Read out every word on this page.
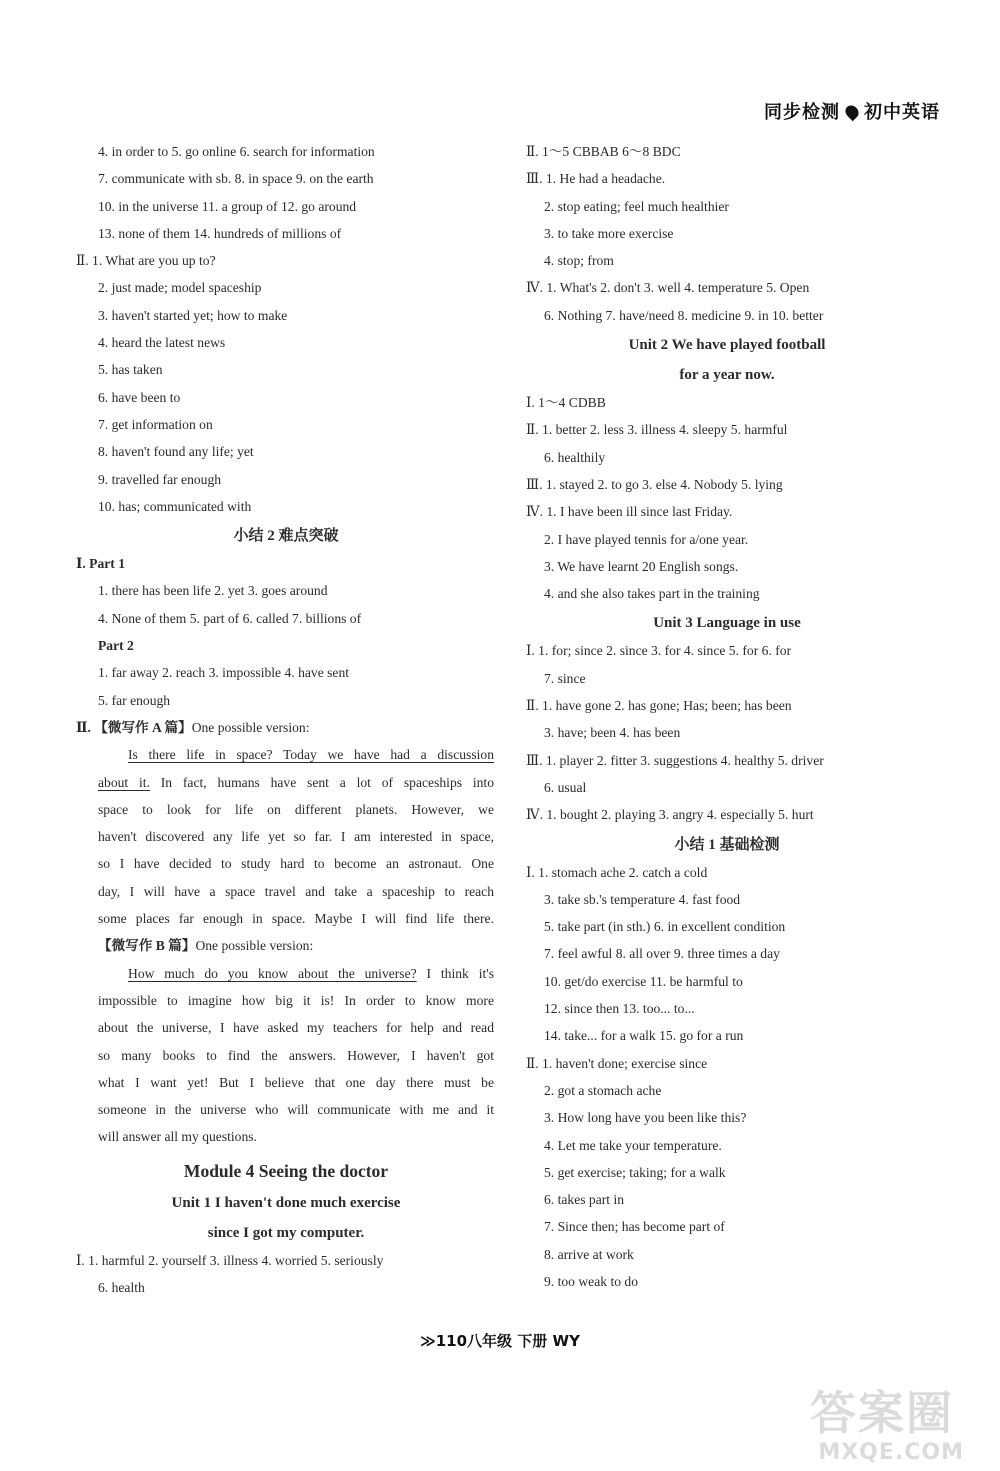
同步检测 初中英语
4. in order to 5. go online 6. search for information
7. communicate with sb. 8. in space 9. on the earth
10. in the universe 11. a group of 12. go around
13. none of them 14. hundreds of millions of
Ⅱ. 1. What are you up to?
2. just made; model spaceship
3. haven't started yet; how to make
4. heard the latest news
5. has taken
6. have been to
7. get information on
8. haven't found any life; yet
9. travelled far enough
10. has; communicated with
小结 2 难点突破
Ⅰ. Part 1
1. there has been life 2. yet 3. goes around
4. None of them 5. part of 6. called 7. billions of
Part 2
1. far away 2. reach 3. impossible 4. have sent
5. far enough
Ⅱ. 【微写作 A 篇】One possible version:
Is there life in space? Today we have had a discussion
about it. In fact, humans have sent a lot of spaceships into
space to look for life on different planets. However, we
haven't discovered any life yet so far. I am interested in space,
so I have decided to study hard to become an astronaut. One
day, I will have a space travel and take a spaceship to reach
some places far enough in space. Maybe I will find life there.
【微写作 B 篇】One possible version:
How much do you know about the universe? I think it's
impossible to imagine how big it is! In order to know more
about the universe, I have asked my teachers for help and read
so many books to find the answers. However, I haven't got
what I want yet! But I believe that one day there must be
someone in the universe who will communicate with me and it
will answer all my questions.
Module 4 Seeing the doctor
Unit 1 I haven't done much exercise
since I got my computer.
Ⅰ. 1. harmful 2. yourself 3. illness 4. worried 5. seriously
6. health
Ⅱ. 1～5 CBBAB 6～8 BDC
Ⅲ. 1. He had a headache.
2. stop eating; feel much healthier
3. to take more exercise
4. stop; from
Ⅳ. 1. What's 2. don't 3. well 4. temperature 5. Open
6. Nothing 7. have/need 8. medicine 9. in 10. better
Unit 2 We have played football
for a year now.
Ⅰ. 1～4 CDBB
Ⅱ. 1. better 2. less 3. illness 4. sleepy 5. harmful
6. healthily
Ⅲ. 1. stayed 2. to go 3. else 4. Nobody 5. lying
Ⅳ. 1. I have been ill since last Friday.
2. I have played tennis for a/one year.
3. We have learnt 20 English songs.
4. and she also takes part in the training
Unit 3 Language in use
Ⅰ. 1. for; since 2. since 3. for 4. since 5. for 6. for
7. since
Ⅱ. 1. have gone 2. has gone; Has; been; has been
3. have; been 4. has been
Ⅲ. 1. player 2. fitter 3. suggestions 4. healthy 5. driver
6. usual
Ⅳ. 1. bought 2. playing 3. angry 4. especially 5. hurt
小结 1 基础检测
Ⅰ. 1. stomach ache 2. catch a cold
3. take sb.'s temperature 4. fast food
5. take part (in sth.) 6. in excellent condition
7. feel awful 8. all over 9. three times a day
10. get/do exercise 11. be harmful to
12. since then 13. too... to...
14. take... for a walk 15. go for a run
Ⅱ. 1. haven't done; exercise since
2. got a stomach ache
3. How long have you been like this?
4. Let me take your temperature.
5. get exercise; taking; for a walk
6. takes part in
7. Since then; has become part of
8. arrive at work
9. too weak to do
≫110八年级 下册 WY
答案圈
MXQE.COM
